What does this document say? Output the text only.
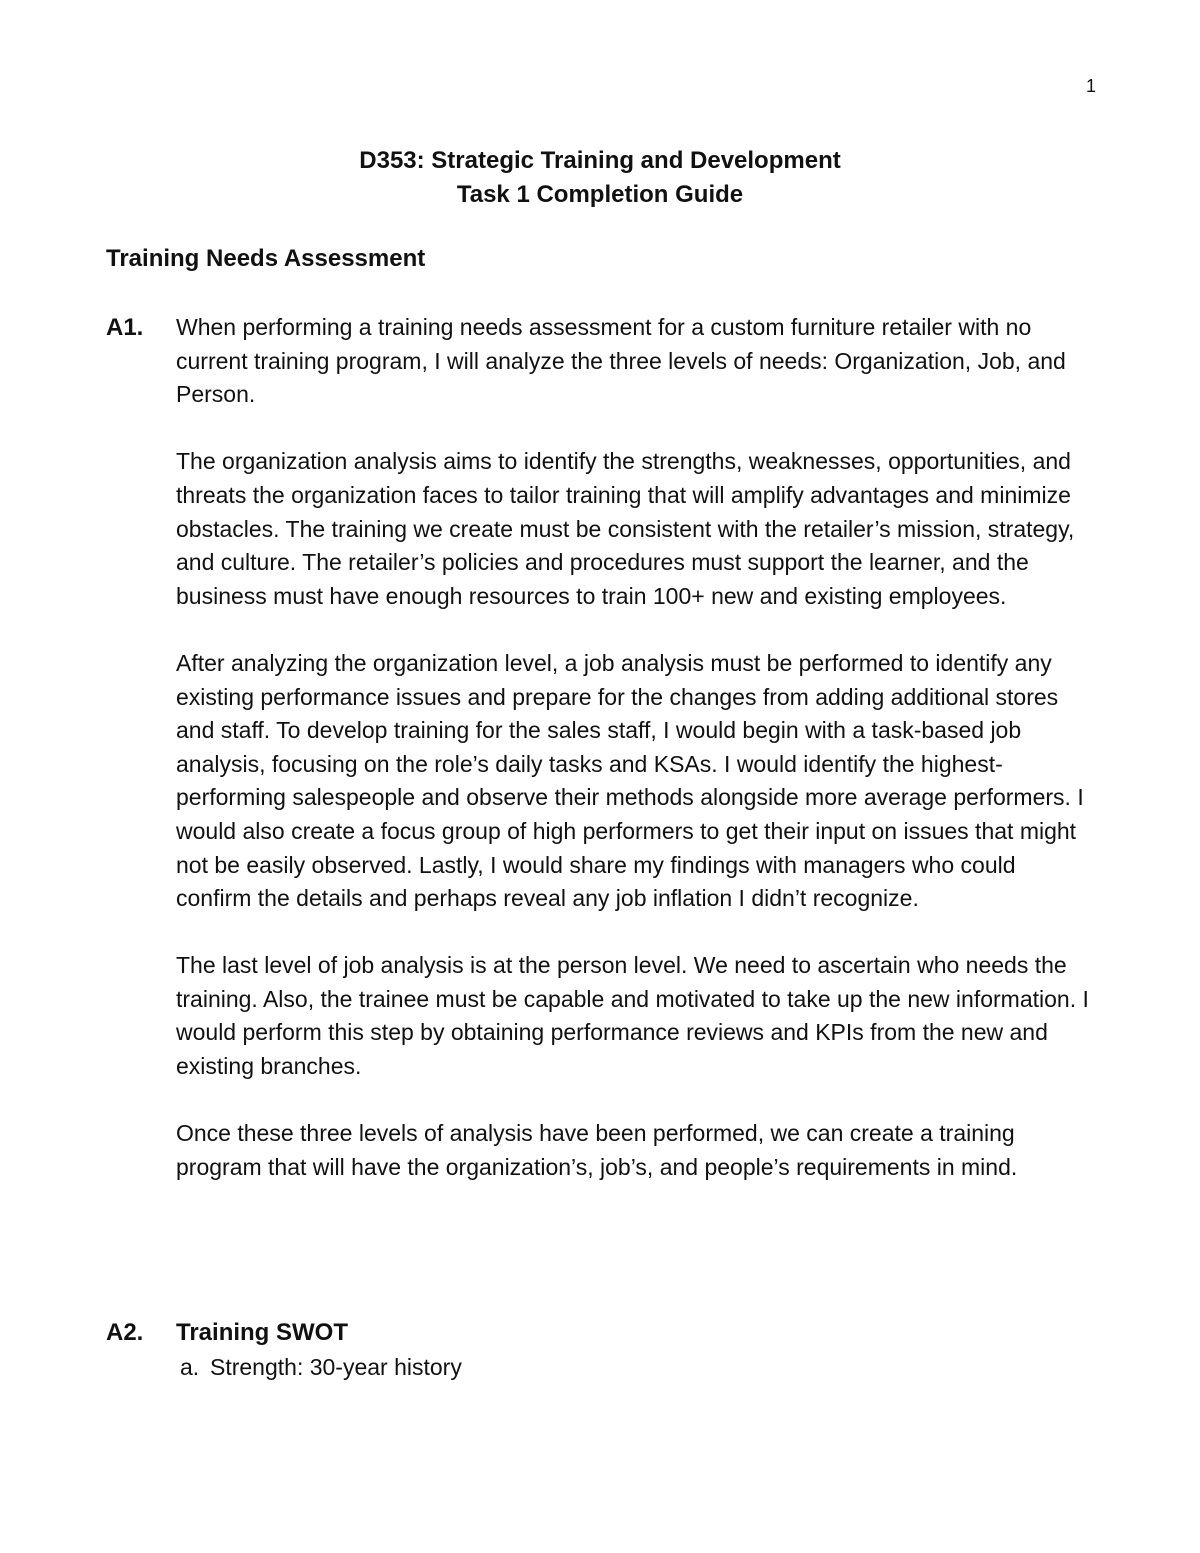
1
D353: Strategic Training and Development
Task 1 Completion Guide
Training Needs Assessment
A1. When performing a training needs assessment for a custom furniture retailer with no current training program, I will analyze the three levels of needs: Organization, Job, and Person.

The organization analysis aims to identify the strengths, weaknesses, opportunities, and threats the organization faces to tailor training that will amplify advantages and minimize obstacles. The training we create must be consistent with the retailer’s mission, strategy, and culture. The retailer’s policies and procedures must support the learner, and the business must have enough resources to train 100+ new and existing employees.

After analyzing the organization level, a job analysis must be performed to identify any existing performance issues and prepare for the changes from adding additional stores and staff. To develop training for the sales staff, I would begin with a task-based job analysis, focusing on the role’s daily tasks and KSAs. I would identify the highest-performing salespeople and observe their methods alongside more average performers. I would also create a focus group of high performers to get their input on issues that might not be easily observed. Lastly, I would share my findings with managers who could confirm the details and perhaps reveal any job inflation I didn’t recognize.

The last level of job analysis is at the person level. We need to ascertain who needs the training. Also, the trainee must be capable and motivated to take up the new information. I would perform this step by obtaining performance reviews and KPIs from the new and existing branches.

Once these three levels of analysis have been performed, we can create a training program that will have the organization’s, job’s, and people’s requirements in mind.

A2. Training SWOT
a. Strength: 30-year history
